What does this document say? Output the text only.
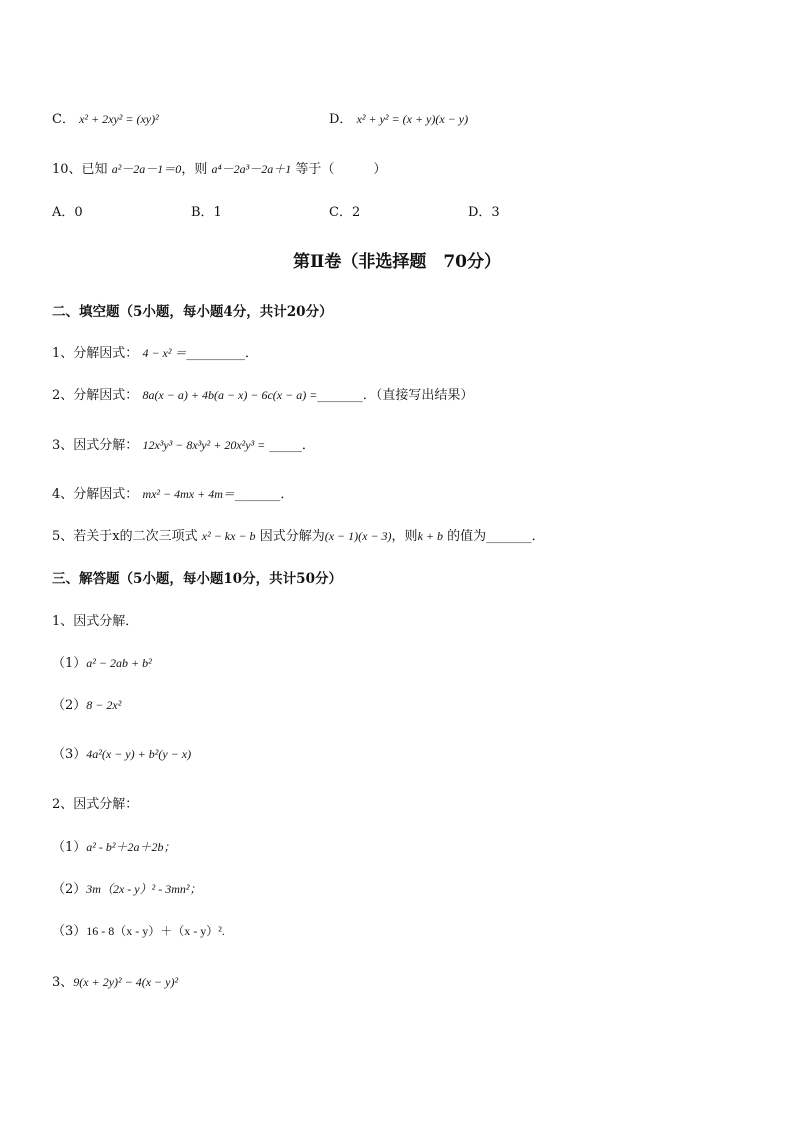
C． x² + 2xy² = (xy)²	D． x² + y² = (x + y)(x − y)
10、已知 a²－2a－1＝0，则 a⁴－2a³－2a＋1 等于（　　　）
A．0	B．1	C．2	D．3
第Ⅱ卷（非选择题　70分）
二、填空题（5小题，每小题4分，共计20分）
1、分解因式： 4 − x² ＝_________．
2、分解因式： 8a(x − a) + 4b(a − x) − 6c(x − a) =_______．（直接写出结果）
3、因式分解： 12x³y³ − 8x³y² + 20x²y³ = _____．
4、分解因式： mx² − 4mx + 4m＝_______．
5、若关于x的二次三项式 x² − kx − b 因式分解为(x − 1)(x − 3)，则k + b 的值为_______．
三、解答题（5小题，每小题10分，共计50分）
1、因式分解．
（1）a² − 2ab + b²
（2）8 − 2x²
（3）4a²(x − y) + b²(y − x)
2、因式分解：
（1）a² - b²＋2a＋2b；
（2）3m（2x - y）² - 3mn²；
（3）16 - 8（x - y）＋（x - y）².
3、9(x + 2y)² − 4(x − y)²
